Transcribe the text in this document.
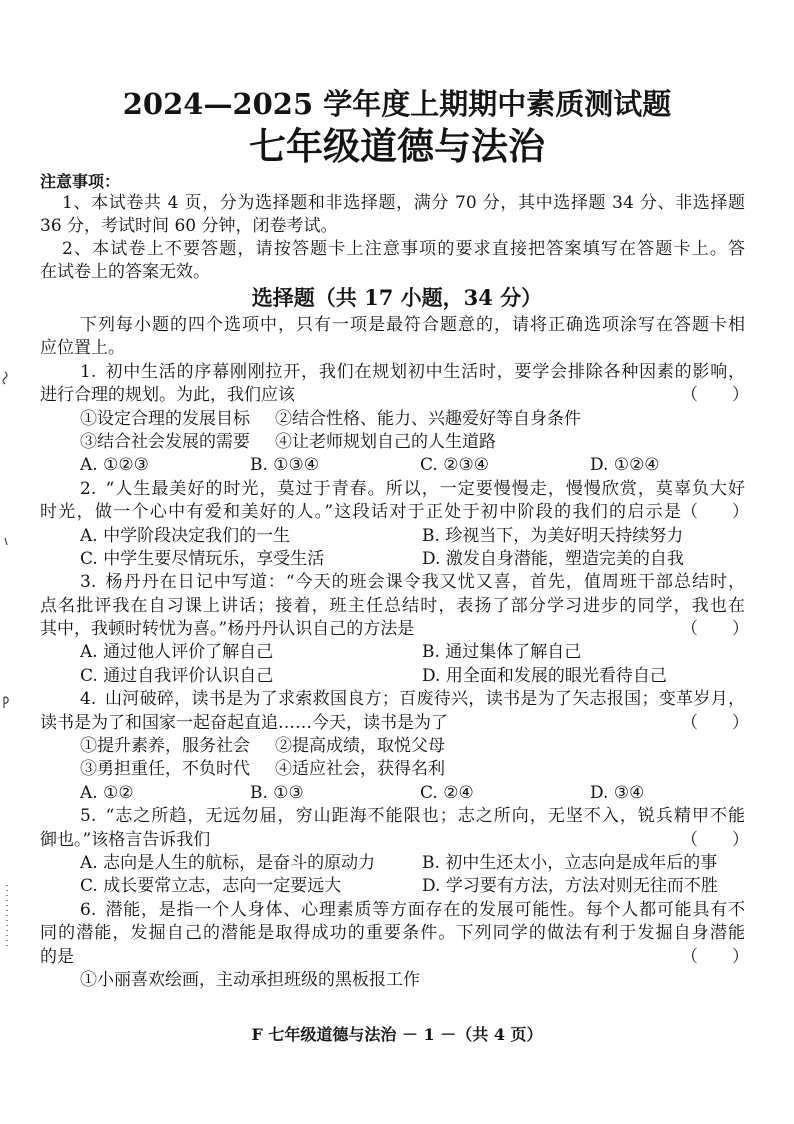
2024—2025 学年度上期期中素质测试题
七年级道德与法治
注意事项：
1、本试卷共 4 页，分为选择题和非选择题，满分 70 分，其中选择题 34 分、非选择题
36 分，考试时间 60 分钟，闭卷考试。
2、本试卷上不要答题，请按答题卡上注意事项的要求直接把答案填写在答题卡上。答
在试卷上的答案无效。
选择题（共 17 小题，34 分）
下列每小题的四个选项中，只有一项是最符合题意的，请将正确选项涂写在答题卡相
应位置上。
1. 初中生活的序幕刚刚拉开，我们在规划初中生活时，要学会排除各种因素的影响，
进行合理的规划。为此，我们应该	（　　）
①设定合理的发展目标 ②结合性格、能力、兴趣爱好等自身条件
③结合社会发展的需要 ④让老师规划自己的人生道路
A. ①②③	B. ①③④	C. ②③④	D. ①②④
2. “人生最美好的时光，莫过于青春。所以，一定要慢慢走，慢慢欣赏，莫辜负大好
时光，做一个心中有爱和美好的人。”这段话对于正处于初中阶段的我们的启示是 （　　）
A. 中学阶段决定我们的一生	B. 珍视当下，为美好明天持续努力
C. 中学生要尽情玩乐，享受生活	D. 激发自身潜能，塑造完美的自我
3. 杨丹丹在日记中写道：“今天的班会课令我又忧又喜，首先，值周班干部总结时，
点名批评我在自习课上讲话；接着，班主任总结时，表扬了部分学习进步的同学，我也在
其中，我顿时转忧为喜。”杨丹丹认识自己的方法是	（　　）
A. 通过他人评价了解自己	B. 通过集体了解自己
C. 通过自我评价认识自己	D. 用全面和发展的眼光看待自己
4. 山河破碎，读书是为了求索救国良方；百废待兴，读书是为了矢志报国；变革岁月，
读书是为了和国家一起奋起直追……今天，读书是为了	（　　）
①提升素养，服务社会 ②提高成绩，取悦父母
③勇担重任，不负时代 ④适应社会，获得名利
A. ①②	B. ①③	C. ②④	D. ③④
5. “志之所趋，无远勿届，穷山距海不能限也；志之所向，无坚不入，锐兵精甲不能
御也。”该格言告诉我们	（　　）
A. 志向是人生的航标，是奋斗的原动力	B. 初中生还太小，立志向是成年后的事
C. 成长要常立志，志向一定要远大	D. 学习要有方法，方法对则无往而不胜
6. 潜能，是指一个人身体、心理素质等方面存在的发展可能性。每个人都可能具有不
同的潜能，发掘自己的潜能是取得成功的重要条件。下列同学的做法有利于发掘自身潜能
的是	（　　）
①小丽喜欢绘画，主动承担班级的黑板报工作
F 七年级道德与法治 － 1 －（共 4 页）
